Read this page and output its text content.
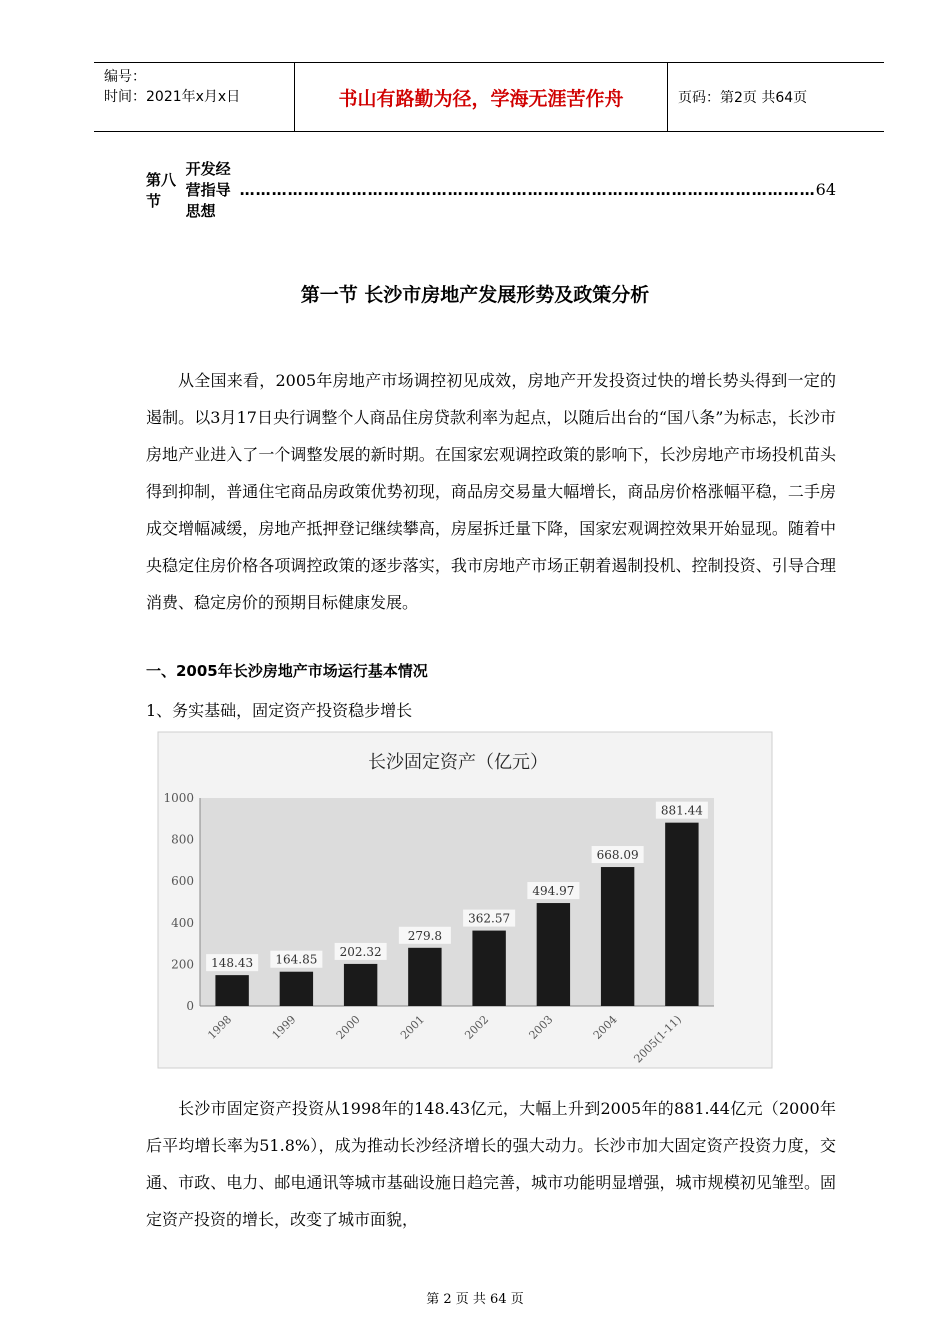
编号：
时间：2021年x月x日	书山有路勤为径，学海无涯苦作舟	页码：第2页 共64页
第八节
开发经营指导思想
……………………………………………………………………………………………… 64
第一节 长沙市房地产发展形势及政策分析

从全国来看，2005年房地产市场调控初见成效，房地产开发投资过快的增长势头得到一定的遏制。以3月17日央行调整个人商品住房贷款利率为起点，以随后出台的“国八条”为标志，长沙市房地产业进入了一个调整发展的新时期。在国家宏观调控政策的影响下，长沙房地产市场投机苗头得到抑制，普通住宅商品房政策优势初现，商品房交易量大幅增长，商品房价格涨幅平稳，二手房成交增幅减缓，房地产抵押登记继续攀高，房屋拆迁量下降，国家宏观调控效果开始显现。随着中央稳定住房价格各项调控政策的逐步落实，我市房地产市场正朝着遏制投机、控制投资、引导合理消费、稳定房价的预期目标健康发展。

一、2005年长沙房地产市场运行基本情况
1、务实基础，固定资产投资稳步增长
长沙固定资产（亿元）
0
200
400
600
800
1000
148.43
1998
164.85
1999
202.32
2000
279.8
2001
362.57
2002
494.97
2003
668.09
2004
881.44
2005(1-11)

长沙市固定资产投资从1998年的148.43亿元，大幅上升到2005年的881.44亿元（2000年后平均增长率为51.8%），成为推动长沙经济增长的强大动力。长沙市加大固定资产投资力度，交通、市政、电力、邮电通讯等城市基础设施日趋完善，城市功能明显增强，城市规模初见雏型。固定资产投资的增长，改变了城市面貌，

第 2 页 共 64 页
